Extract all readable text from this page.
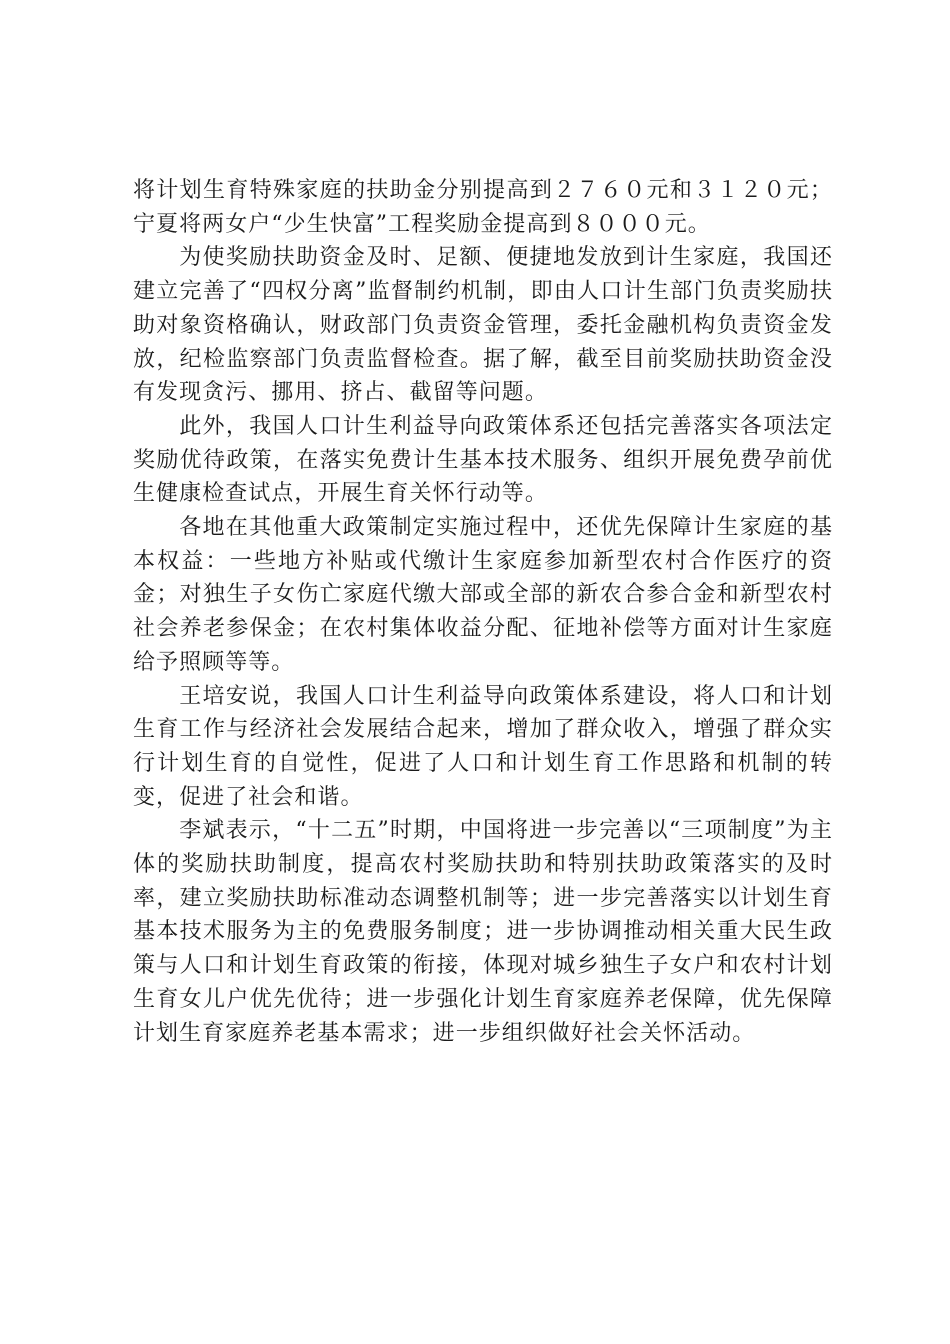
将计划生育特殊家庭的扶助金分别提高到２７６０元和３１２０元；宁夏将两女户“少生快富”工程奖励金提高到８０００元。

为使奖励扶助资金及时、足额、便捷地发放到计生家庭，我国还建立完善了“四权分离”监督制约机制，即由人口计生部门负责奖励扶助对象资格确认，财政部门负责资金管理，委托金融机构负责资金发放，纪检监察部门负责监督检查。据了解，截至目前奖励扶助资金没有发现贪污、挪用、挤占、截留等问题。

此外，我国人口计生利益导向政策体系还包括完善落实各项法定奖励优待政策，在落实免费计生基本技术服务、组织开展免费孕前优生健康检查试点，开展生育关怀行动等。

各地在其他重大政策制定实施过程中，还优先保障计生家庭的基本权益：一些地方补贴或代缴计生家庭参加新型农村合作医疗的资金；对独生子女伤亡家庭代缴大部或全部的新农合参合金和新型农村社会养老参保金；在农村集体收益分配、征地补偿等方面对计生家庭给予照顾等等。

王培安说，我国人口计生利益导向政策体系建设，将人口和计划生育工作与经济社会发展结合起来，增加了群众收入，增强了群众实行计划生育的自觉性，促进了人口和计划生育工作思路和机制的转变，促进了社会和谐。

李斌表示，“十二五”时期，中国将进一步完善以“三项制度”为主体的奖励扶助制度，提高农村奖励扶助和特别扶助政策落实的及时率，建立奖励扶助标准动态调整机制等；进一步完善落实以计划生育基本技术服务为主的免费服务制度；进一步协调推动相关重大民生政策与人口和计划生育政策的衔接，体现对城乡独生子女户和农村计划生育女儿户优先优待；进一步强化计划生育家庭养老保障，优先保障计划生育家庭养老基本需求；进一步组织做好社会关怀活动。
